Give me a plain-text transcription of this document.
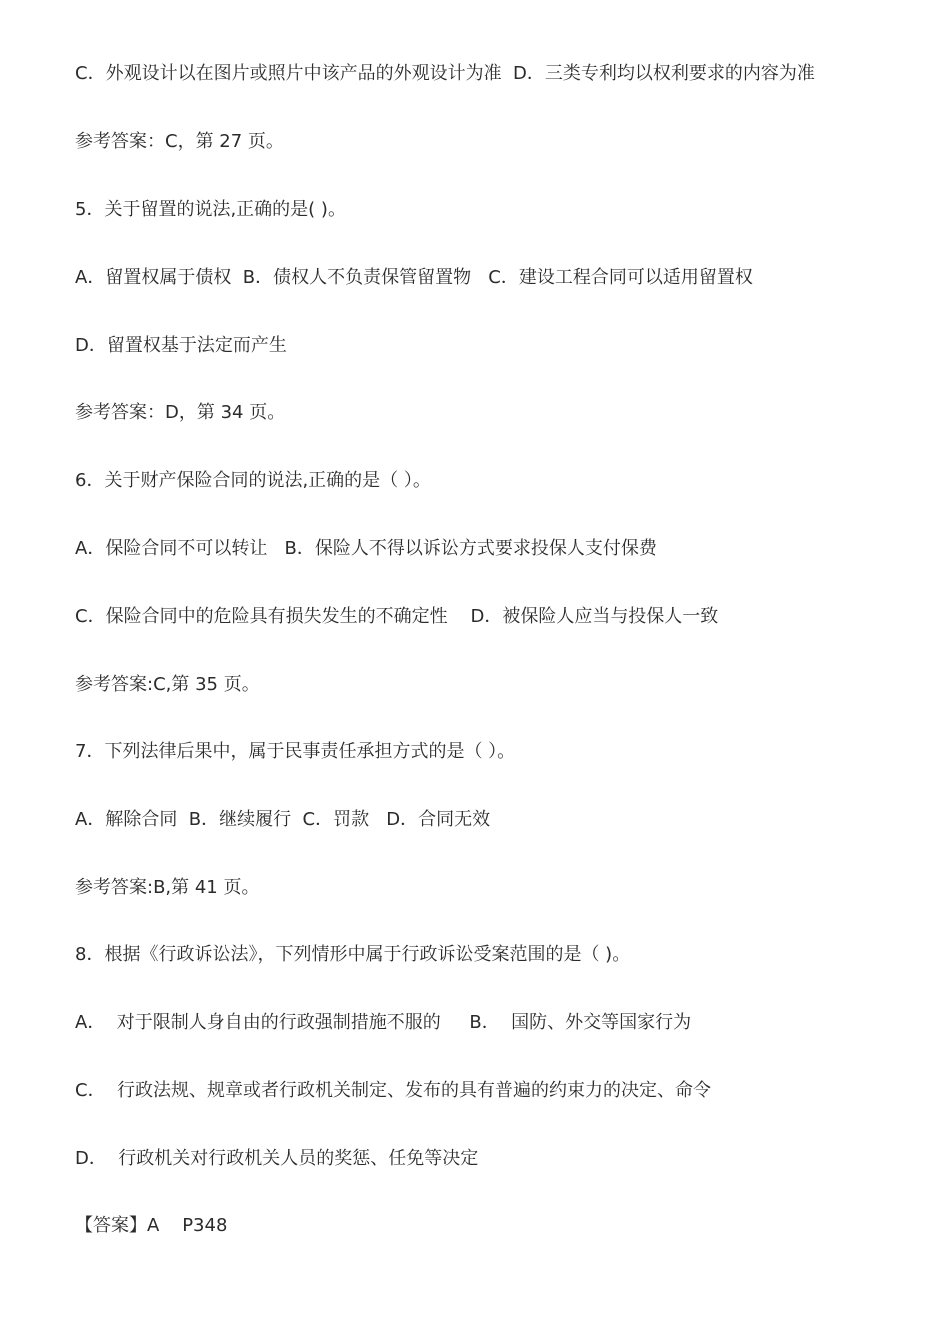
C．外观设计以在图片或照片中该产品的外观设计为准  D．三类专利均以权利要求的内容为准
参考答案：C，第 27 页。
5．关于留置的说法,正确的是( )。
A．留置权属于债权  B．债权人不负责保管留置物   C．建设工程合同可以适用留置权
D．留置权基于法定而产生
参考答案：D，第 34 页。
6．关于财产保险合同的说法,正确的是（ ）。
A．保险合同不可以转让   B．保险人不得以诉讼方式要求投保人支付保费
C．保险合同中的危险具有损失发生的不确定性    D．被保险人应当与投保人一致
参考答案:C,第 35 页。
7．下列法律后果中，属于民事责任承担方式的是（ ）。
A．解除合同  B．继续履行  C．罚款   D．合同无效
参考答案:B,第 41 页。
8．根据《行政诉讼法》，下列情形中属于行政诉讼受案范围的是（ )。
A．  对于限制人身自由的行政强制措施不服的     B．  国防、外交等国家行为
C．  行政法规、规章或者行政机关制定、发布的具有普遍的约束力的决定、命令
D．  行政机关对行政机关人员的奖惩、任免等决定
【答案】A    P348
